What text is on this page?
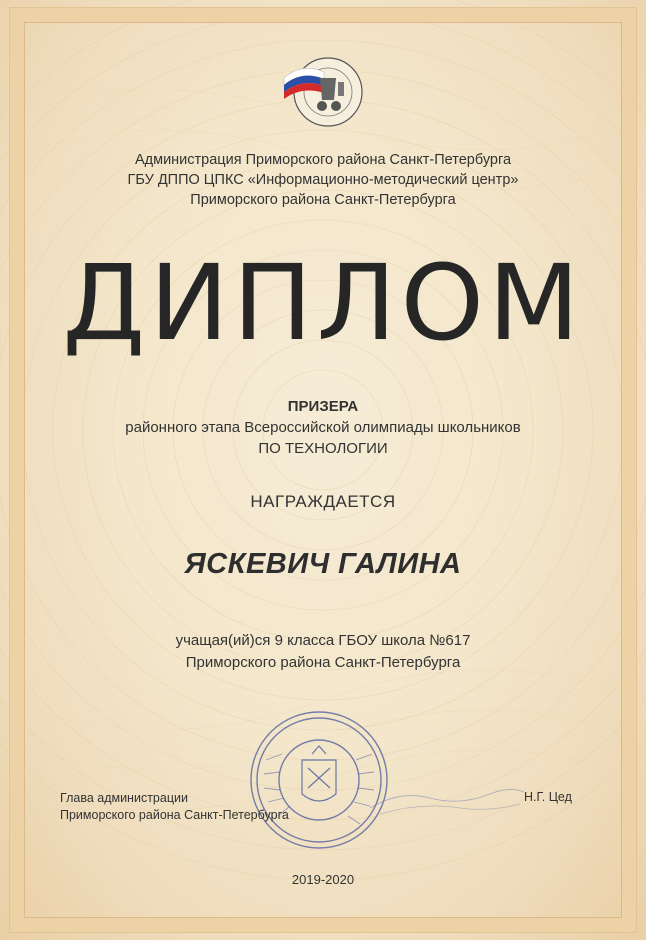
Администрация Приморского района Санкт-Петербурга
ГБУ ДППО ЦПКС «Информационно-методический центр»
Приморского района Санкт-Петербурга
ДИПЛОМ
ПРИЗЕРА
районного этапа Всероссийской олимпиады школьников
ПО ТЕХНОЛОГИИ
НАГРАЖДАЕТСЯ
ЯСКЕВИЧ ГАЛИНА
учащая(ий)ся 9 класса ГБОУ школа №617
Приморского района Санкт-Петербурга
Глава администрации
Приморского района Санкт-Петербурга
Н.Г. Цед
2019-2020
